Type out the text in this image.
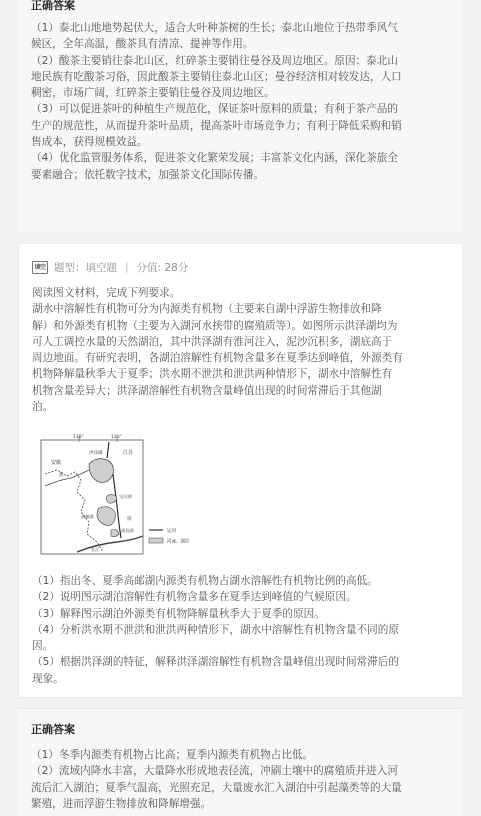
正确答案
（1）泰北山地地势起伏大，适合大叶种茶树的生长；泰北山地位于热带季风气
候区，全年高温，酸茶具有清凉、提神等作用。
（2）酸茶主要销往泰北山区，红碎茶主要销往曼谷及周边地区。原因：泰北山
地民族有吃酸茶习俗，因此酸茶主要销往泰北山区；曼谷经济相对较发达，人口
稠密，市场广阔，红碎茶主要销往曼谷及周边地区。
（3）可以促进茶叶的种植生产规范化，保证茶叶原料的质量；有利于茶产品的
生产的规范性，从而提升茶叶品质，提高茶叶市场竞争力；有利于降低采购和销
售成本，获得规模效益。
（4）优化监管服务体系，促进茶文化繁荣发展；丰富茶文化内涵，深化茶旅全
要素融合；依托数字技术，加强茶文化国际传播。
填空 题型：填空题 | 分值: 28分
阅读图文材料，完成下列要求。
湖水中溶解性有机物可分为内源类有机物（主要来自湖中浮游生物排放和降
解）和外源类有机物（主要为入湖河水挟带的腐殖质等）。如图所示洪泽湖均为
可人工调控水量的天然湖泊，其中洪泽湖有淮河注入，泥沙沉积多，湖底高于
周边地面。有研究表明，各湖泊溶解性有机物含量多在夏季达到峰值，外源类有
机物降解量秋季大于夏季；洪水期不泄洪和泄洪两种情形下，湖水中溶解性有
机物含量差异大；洪泽湖溶解性有机物含量峰值出现的时间常滞后于其他湖
泊。
118°	120°
安徽
江苏
洪泽湖
淮
宝应湖
高邮湖
邵伯湖
长江
扬
运河
河流、湖泊
（1）指出冬、夏季高邮湖内源类有机物占湖水溶解性有机物比例的高低。
（2）说明图示湖泊溶解性有机物含量多在夏季达到峰值的气候原因。
（3）解释图示湖泊外源类有机物降解量秋季大于夏季的原因。
（4）分析洪水期不泄洪和泄洪两种情形下，湖水中溶解性有机物含量不同的原
因。
（5）根据洪泽湖的特征，解释洪泽湖溶解性有机物含量峰值出现时间常滞后的
现象。
正确答案
（1）冬季内源类有机物占比高；夏季内源类有机物占比低。
（2）流域内降水丰富，大量降水形成地表径流，冲刷土壤中的腐殖质并进入河
流后汇入湖泊；夏季气温高，光照充足，大量废水汇入湖泊中引起藻类等的大量
繁殖，进而浮游生物排放和降解增强。
